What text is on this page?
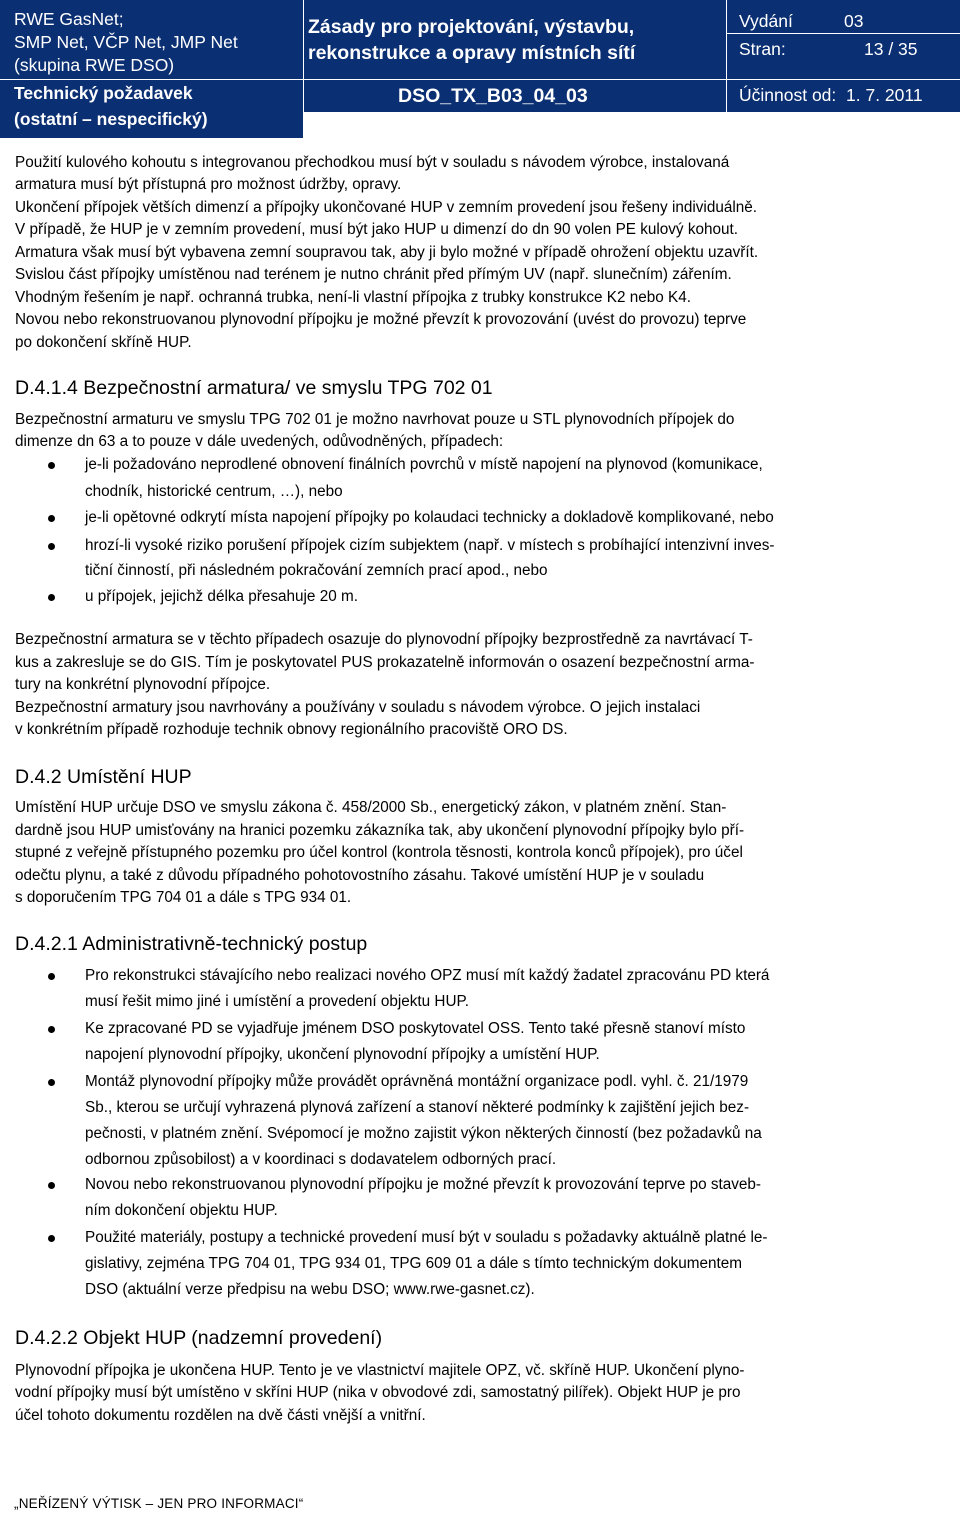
RWE GasNet;
SMP Net, VČP Net, JMP Net
(skupina RWE DSO)
Technický požadavek
(ostatní – nespecifický)
Zásady pro projektování, výstavbu,
rekonstrukce a opravy místních sítí
DSO_TX_B03_04_03
Vydání	03
Stran:	13 / 35
Účinnost od: 1. 7. 2011
Použití kulového kohoutu s integrovanou přechodkou musí být v souladu s návodem výrobce, instalovaná
armatura musí být přístupná pro možnost údržby, opravy.
Ukončení přípojek větších dimenzí a přípojky ukončované HUP v zemním provedení jsou řešeny individuálně.
V případě, že HUP je v zemním provedení, musí být jako HUP u dimenzí do dn 90 volen PE kulový kohout.
Armatura však musí být vybavena zemní soupravou tak, aby ji bylo možné v případě ohrožení objektu uzavřít.
Svislou část přípojky umístěnou nad terénem je nutno chránit před přímým UV (např. slunečním) zářením.
Vhodným řešením je např. ochranná trubka, není-li vlastní přípojka z trubky konstrukce K2 nebo K4.
Novou nebo rekonstruovanou plynovodní přípojku je možné převzít k provozování (uvést do provozu) teprve
po dokončení skříně HUP.
D.4.1.4 Bezpečnostní armatura/ ve smyslu TPG 702 01
Bezpečnostní armaturu ve smyslu TPG 702 01 je možno navrhovat pouze u STL plynovodních přípojek do
dimenze dn 63 a to pouze v dále uvedených, odůvodněných, případech:
je-li požadováno neprodlené obnovení finálních povrchů v místě napojení na plynovod (komunikace,
chodník, historické centrum, …), nebo
je-li opětovné odkrytí místa napojení přípojky po kolaudaci technicky a dokladově komplikované, nebo
hrozí-li vysoké riziko porušení přípojek cizím subjektem (např. v místech s probíhající intenzivní inves-
tiční činností, při následném pokračování zemních prací apod., nebo
u přípojek, jejichž délka přesahuje 20 m.
Bezpečnostní armatura se v těchto případech osazuje do plynovodní přípojky bezprostředně za navrtávací T-
kus a zakresluje se do GIS. Tím je poskytovatel PUS prokazatelně informován o osazení bezpečnostní arma-
tury na konkrétní plynovodní přípojce.
Bezpečnostní armatury jsou navrhovány a používány v souladu s návodem výrobce. O jejich instalaci
v konkrétním případě rozhoduje technik obnovy regionálního pracoviště ORO DS.
D.4.2 Umístění HUP
Umístění HUP určuje DSO ve smyslu zákona č. 458/2000 Sb., energetický zákon, v platném znění. Stan-
dardně jsou HUP umisťovány na hranici pozemku zákazníka tak, aby ukončení plynovodní přípojky bylo pří-
stupné z veřejně přístupného pozemku pro účel kontrol (kontrola těsnosti, kontrola konců přípojek), pro účel
odečtu plynu, a také z důvodu případného pohotovostního zásahu. Takové umístění HUP je v souladu
s doporučením TPG 704 01 a dále s TPG 934 01.
D.4.2.1 Administrativně-technický postup
Pro rekonstrukci stávajícího nebo realizaci nového OPZ musí mít každý žadatel zpracovánu PD která
musí řešit mimo jiné i umístění a provedení objektu HUP.
Ke zpracované PD se vyjadřuje jménem DSO poskytovatel OSS. Tento také přesně stanoví místo
napojení plynovodní přípojky, ukončení plynovodní přípojky a umístění HUP.
Montáž plynovodní přípojky může provádět oprávněná montážní organizace podl. vyhl. č. 21/1979
Sb., kterou se určují vyhrazená plynová zařízení a stanoví některé podmínky k zajištění jejich bez-
pečnosti, v platném znění. Svépomocí je možno zajistit výkon některých činností (bez požadavků na
odbornou způsobilost) a v koordinaci s dodavatelem odborných prací.
Novou nebo rekonstruovanou plynovodní přípojku je možné převzít k provozování teprve po staveb-
ním dokončení objektu HUP.
Použité materiály, postupy a technické provedení musí být v souladu s požadavky aktuálně platné le-
gislativy, zejména TPG 704 01, TPG 934 01, TPG 609 01 a dále s tímto technickým dokumentem
DSO (aktuální verze předpisu na webu DSO; www.rwe-gasnet.cz).
D.4.2.2 Objekt HUP (nadzemní provedení)
Plynovodní přípojka je ukončena HUP. Tento je ve vlastnictví majitele OPZ, vč. skříně HUP. Ukončení plyno-
vodní přípojky musí být umístěno v skříni HUP (nika v obvodové zdi, samostatný pilířek). Objekt HUP je pro
účel tohoto dokumentu rozdělen na dvě části vnější a vnitřní.
„NEŘÍZENÝ VÝTISK – JEN PRO INFORMACI“
